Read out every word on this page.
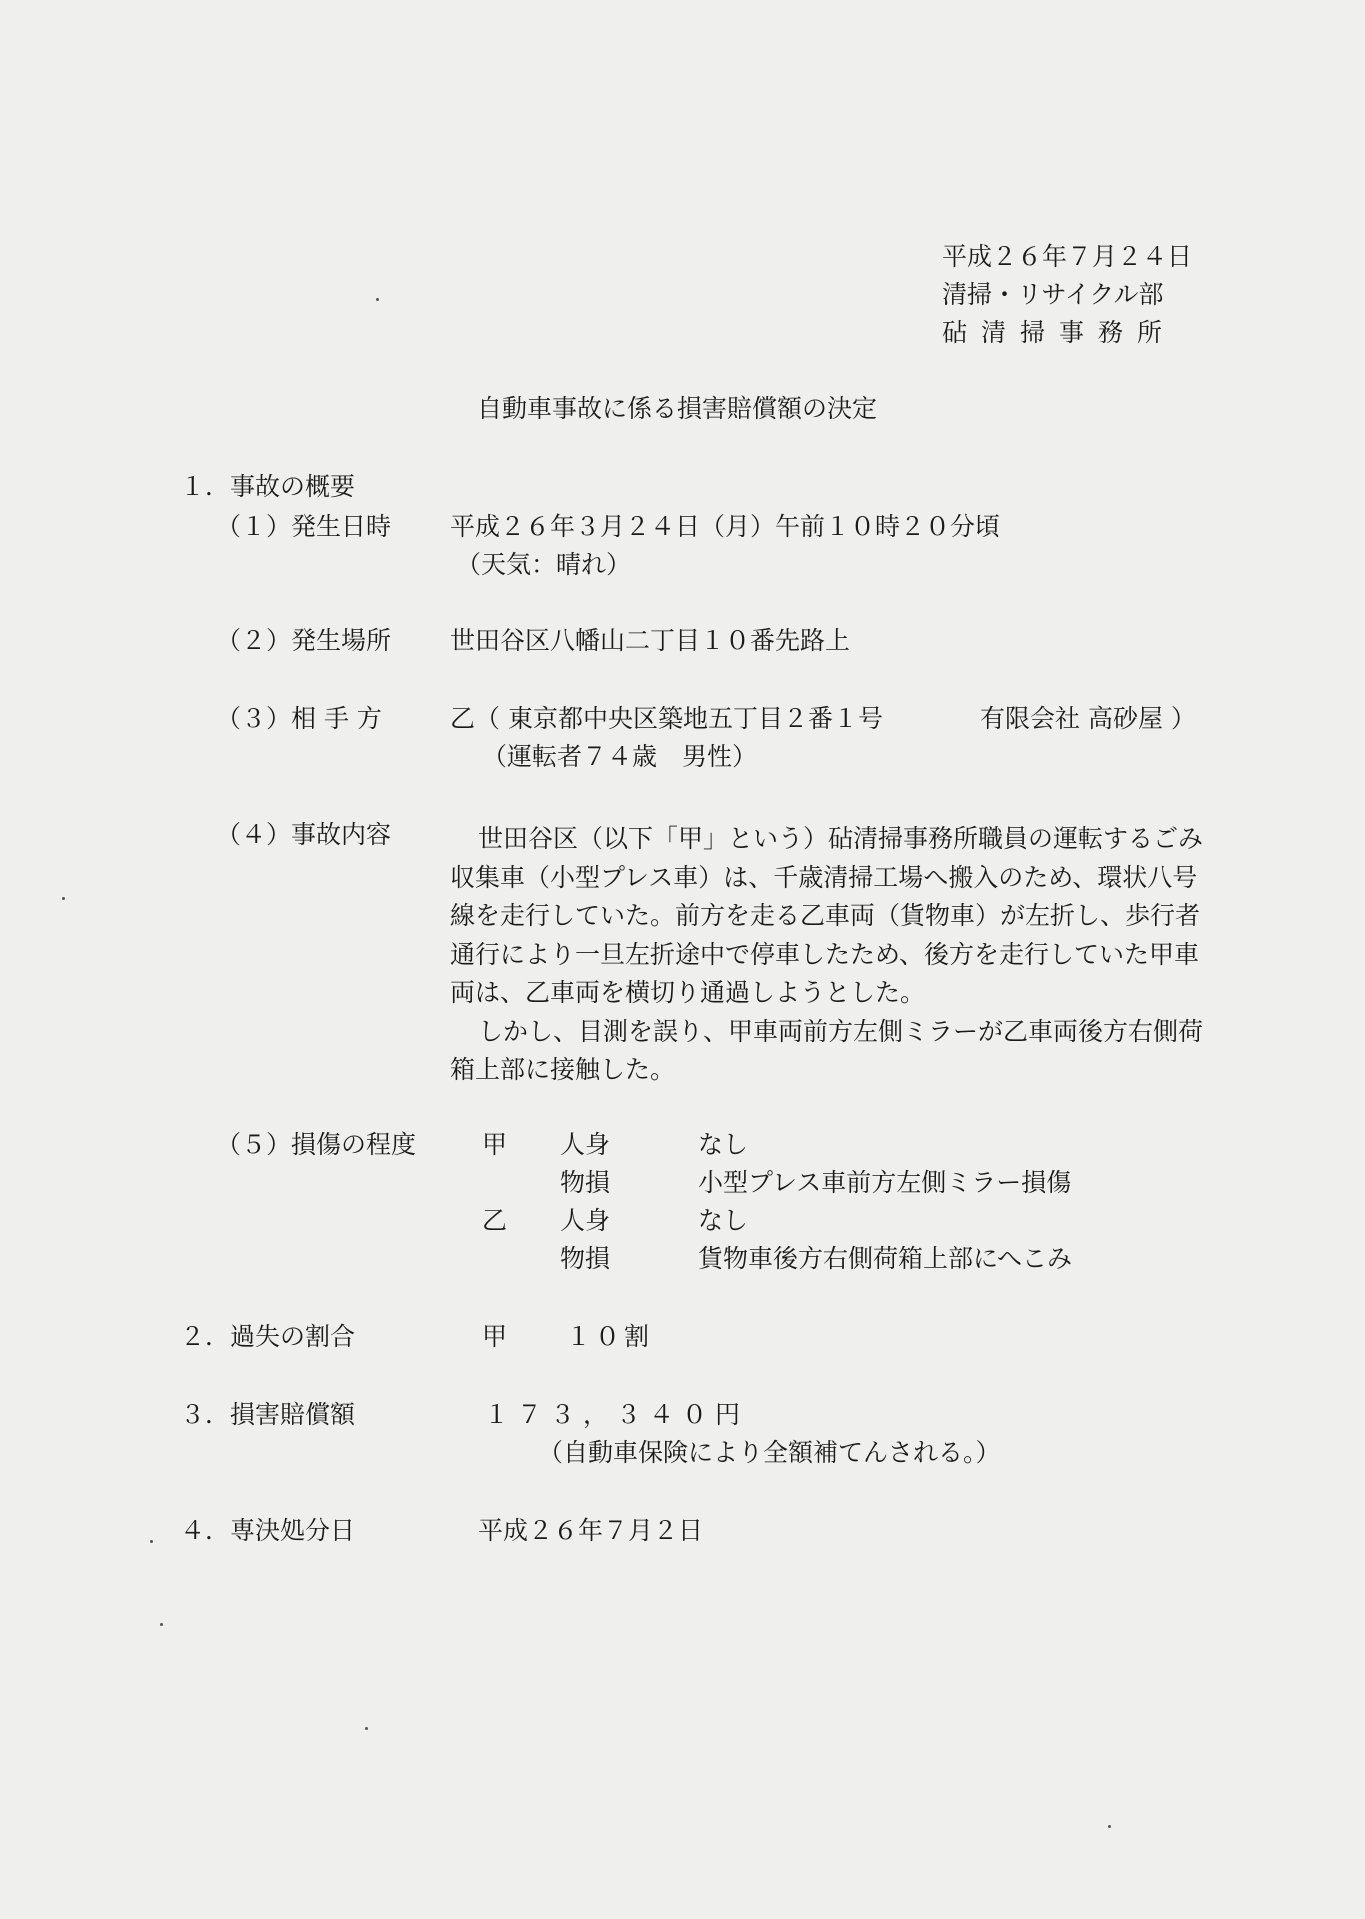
平成２６年７月２４日
清掃・リサイクル部
砧清掃事務所
自動車事故に係る損害賠償額の決定
１．事故の概要
（１）発生日時 平成２６年３月２４日（月）午前１０時２０分頃
（天気：晴れ）
（２）発生場所 世田谷区八幡山二丁目１０番先路上
（３）相 手 方	乙（ 東京都中央区築地五丁目２番１号	有限会社 高砂屋 ）
（運転者７４歳　男性）
（４）事故内容	世田谷区（以下「甲」という）砧清掃事務所職員の運転するごみ収集車（小型プレス車）は、千歳清掃工場へ搬入のため、環状八号線を走行していた。前方を走る乙車両（貨物車）が左折し、歩行者通行により一旦左折途中で停車したため、後方を走行していた甲車両は、乙車両を横切り通過しようとした。

しかし、目測を誤り、甲車両前方左側ミラーが乙車両後方右側荷箱上部に接触した。

（５）損傷の程度	甲 人身	なし
物損	小型プレス車前方左側ミラー損傷
乙 人身	なし
物損	貨物車後方右側荷箱上部にへこみ
２．過失の割合	甲 １０割
３．損害賠償額	１７３，３４０円
（自動車保険により全額補てんされる。）
４．専決処分日	平成２６年７月２日
